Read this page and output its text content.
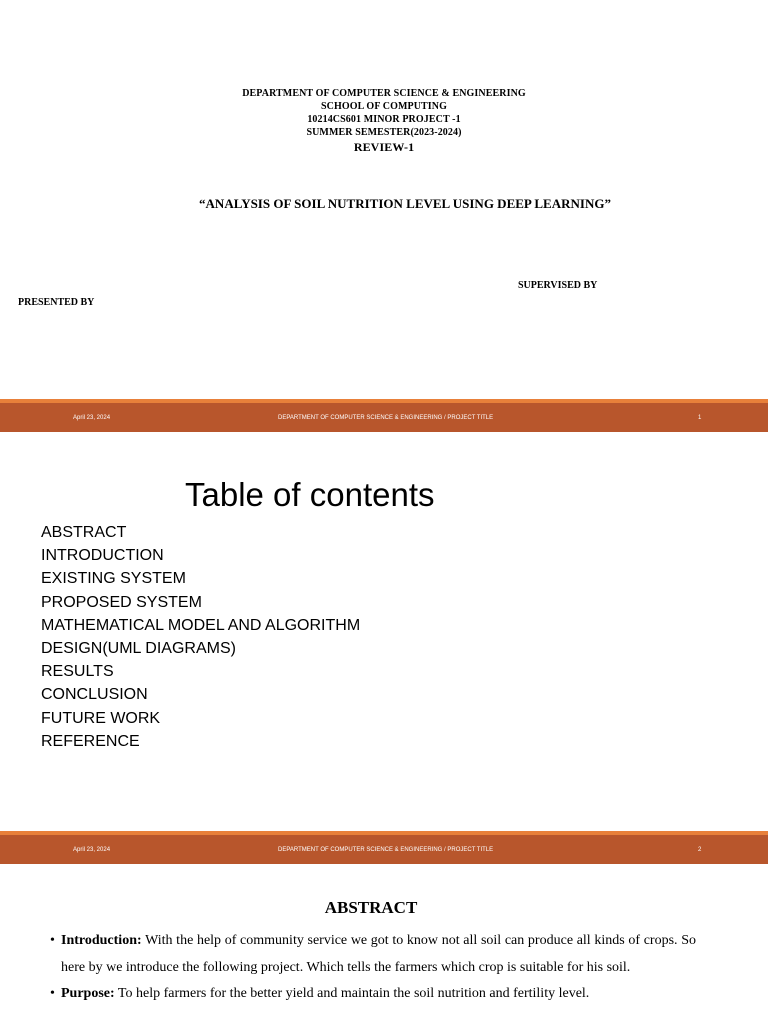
DEPARTMENT OF COMPUTER SCIENCE & ENGINEERING
SCHOOL OF COMPUTING
10214CS601 MINOR PROJECT -1
SUMMER SEMESTER(2023-2024)
REVIEW-1
“ANALYSIS OF SOIL NUTRITION LEVEL USING DEEP LEARNING”
SUPERVISED BY
PRESENTED BY
April 23, 2024	DEPARTMENT OF COMPUTER SCIENCE & ENGINEERING / PROJECT TITLE	1
Table of contents
ABSTRACT
INTRODUCTION
EXISTING SYSTEM
PROPOSED SYSTEM
MATHEMATICAL MODEL AND ALGORITHM
DESIGN(UML DIAGRAMS)
RESULTS
CONCLUSION
FUTURE WORK
REFERENCE
April 23, 2024	DEPARTMENT OF COMPUTER SCIENCE & ENGINEERING / PROJECT TITLE	2
ABSTRACT
• Introduction: With the help of community service we got to know not all soil can produce all kinds of crops. So here by we introduce the following project. Which tells the farmers which crop is suitable for his soil.
• Purpose: To help farmers for the better yield and maintain the soil nutrition and fertility level.
